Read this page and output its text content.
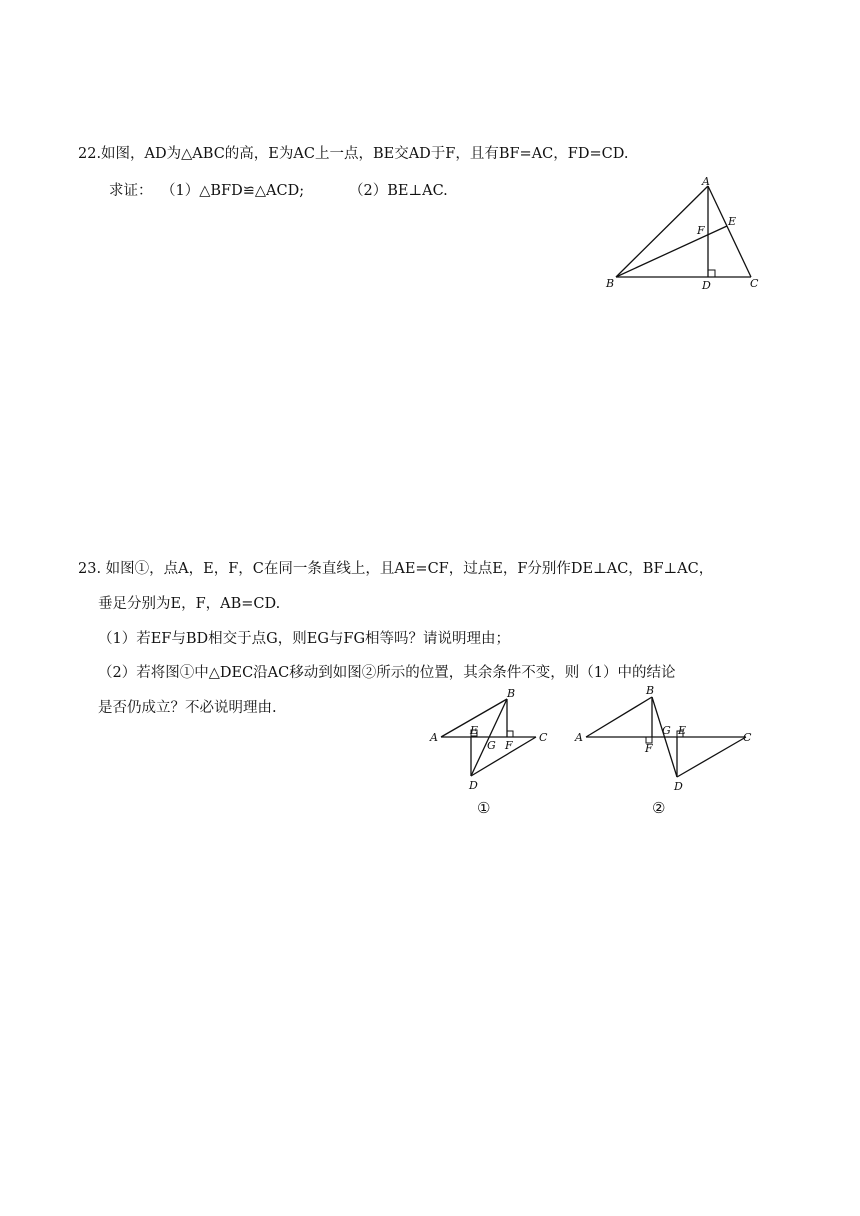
22.如图，AD为△ABC的高，E为AC上一点，BE交AD于F，且有BF=AC，FD=CD.
求证： （1）△BFD≌△ACD;	（2）BE⊥AC.
A
B	C
D
E
F
23. 如图①，点A，E，F，C在同一条直线上，且AE=CF，过点E，F分别作DE⊥AC，BF⊥AC，
垂足分别为E，F，AB=CD.
（1）若EF与BD相交于点G，则EG与FG相等吗？请说明理由；
（2）若将图①中△DEC沿AC移动到如图②所示的位置，其余条件不变，则（1）中的结论
是否仍成立？不必说明理由.
A
B
C
D
E
F
G
①
A
B
C
D
E
F
G
②
